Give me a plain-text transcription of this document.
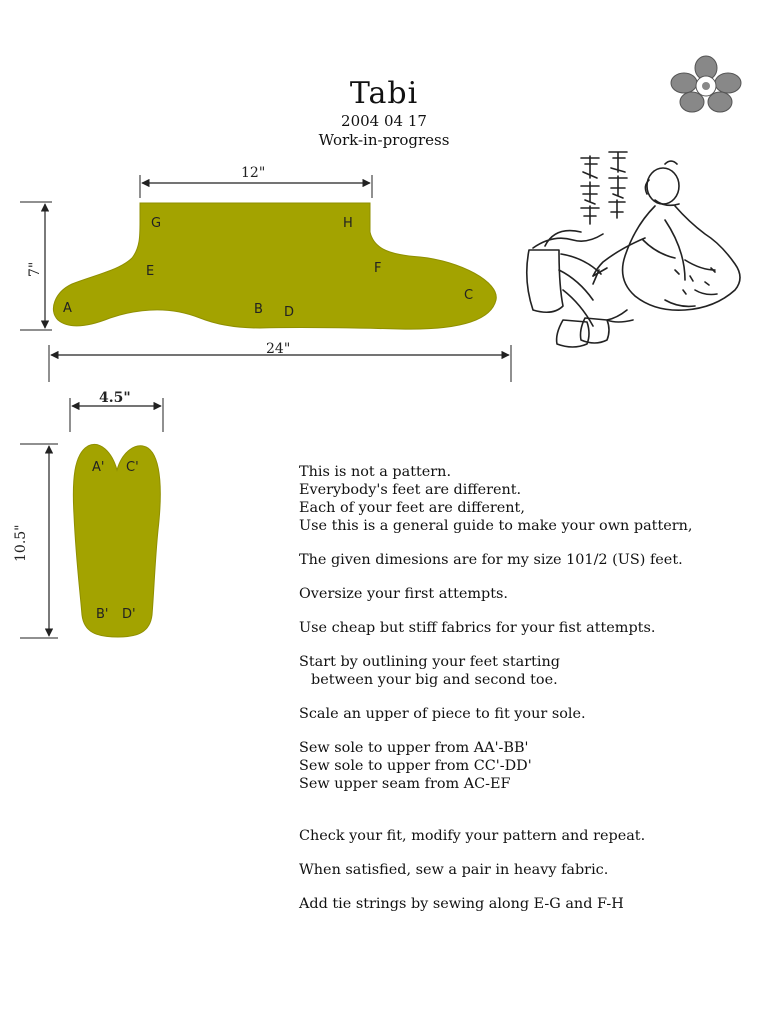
Tabi
2004 04 17
Work-in-progress
G	H
E	F
A
C
B D
12"
7"
24"
A' C'
B' D'
4.5"
10.5"

This is not a pattern.

Everybody's feet are different.

Each of your feet are different,

Use this is a general guide to make your own pattern,

The given dimesions are for my size 101/2 (US) feet.

Oversize your first attempts.

Use cheap but stiff fabrics for your fist attempts.

Start by outlining your feet starting

between your big and second toe.

Scale an upper of piece to fit your sole.

Sew sole to upper from AA'-BB'

Sew sole to upper from CC'-DD'

Sew upper seam from AC-EF

Check your fit, modify your pattern and repeat.

When satisfied, sew a pair in heavy fabric.

Add tie strings by sewing along E-G and F-H
